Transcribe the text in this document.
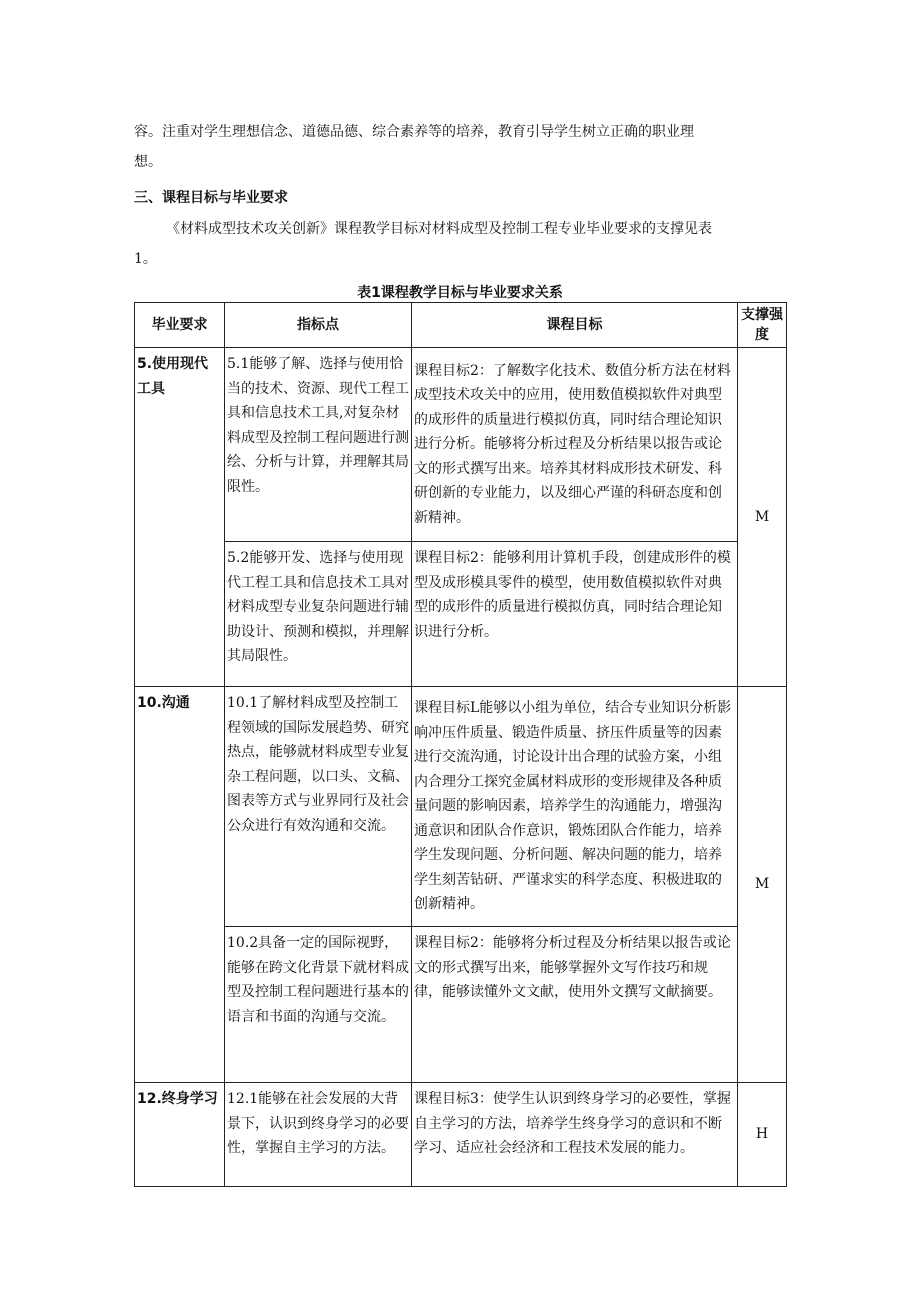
容。注重对学生理想信念、道德品德、综合素养等的培养，教育引导学生树立正确的职业理
想。

三、课程目标与毕业要求

《材料成型技术攻关创新》课程教学目标对材料成型及控制工程专业毕业要求的支撑见表
1。

表1课程教学目标与毕业要求关系
毕业要求	指标点	课程目标	支撑强度
5.使用现代工具	5.1能够了解、选择与使用恰当的技术、资源、现代工程工具和信息技术工具,对复杂材料成型及控制工程问题进行测绘、分析与计算，并理解其局限性。	课程目标2：了解数字化技术、数值分析方法在材料成型技术攻关中的应用，使用数值模拟软件对典型的成形件的质量进行模拟仿真，同时结合理论知识进行分析。能够将分析过程及分析结果以报告或论文的形式撰写出来。培养其材料成形技术研发、科研创新的专业能力，以及细心严谨的科研态度和创新精神。	M
	5.2能够开发、选择与使用现代工程工具和信息技术工具对材料成型专业复杂问题进行辅助设计、预测和模拟，并理解其局限性。	课程目标2：能够利用计算机手段，创建成形件的模型及成形模具零件的模型，使用数值模拟软件对典型的成形件的质量进行模拟仿真，同时结合理论知识进行分析。	
10.沟通	10.1了解材料成型及控制工程领域的国际发展趋势、研究热点，能够就材料成型专业复杂工程问题，以口头、文稿、图表等方式与业界同行及社会公众进行有效沟通和交流。	课程目标L能够以小组为单位，结合专业知识分析影响冲压件质量、锻造件质量、挤压件质量等的因素进行交流沟通，讨论设计出合理的试验方案，小组内合理分工探究金属材料成形的变形规律及各种质量问题的影响因素，培养学生的沟通能力，增强沟通意识和团队合作意识，锻炼团队合作能力，培养学生发现问题、分析问题、解决问题的能力，培养学生刻苦钻研、严谨求实的科学态度、积极进取的创新精神。	M
	10.2具备一定的国际视野，能够在跨文化背景下就材料成型及控制工程问题进行基本的语言和书面的沟通与交流。	课程目标2：能够将分析过程及分析结果以报告或论文的形式撰写出来，能够掌握外文写作技巧和规律，能够读懂外文文献，使用外文撰写文献摘要。	
12.终身学习	12.1能够在社会发展的大背景下，认识到终身学习的必要性，掌握自主学习的方法。	课程目标3：使学生认识到终身学习的必要性，掌握自主学习的方法，培养学生终身学习的意识和不断学习、适应社会经济和工程技术发展的能力。	H
